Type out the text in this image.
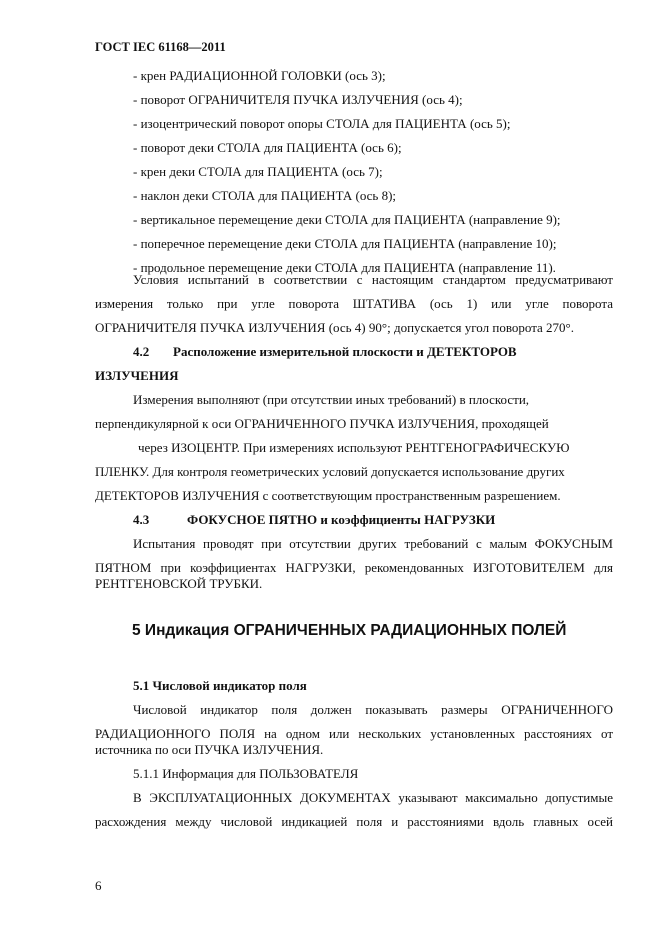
ГОСТ IEC 61168—2011
- крен РАДИАЦИОННОЙ ГОЛОВКИ (ось 3);
- поворот ОГРАНИЧИТЕЛЯ ПУЧКА ИЗЛУЧЕНИЯ (ось 4);
- изоцентрический поворот опоры СТОЛА для ПАЦИЕНТА (ось 5);
- поворот деки СТОЛА для ПАЦИЕНТА (ось 6);
- крен деки СТОЛА для ПАЦИЕНТА (ось 7);
- наклон деки СТОЛА для ПАЦИЕНТА (ось 8);
- вертикальное перемещение деки СТОЛА для ПАЦИЕНТА (направление 9);
- поперечное перемещение деки СТОЛА для ПАЦИЕНТА (направление 10);
- продольное перемещение деки СТОЛА для ПАЦИЕНТА (направление 11).
Условия испытаний в соответствии с настоящим стандартом предусматривают
измерения только при угле поворота ШТАТИВА (ось 1) или угле поворота
ОГРАНИЧИТЕЛЯ ПУЧКА ИЗЛУЧЕНИЯ (ось 4) 90°; допускается угол поворота 270°.
4.2 Расположение измерительной плоскости и ДЕТЕКТОРОВ
ИЗЛУЧЕНИЯ
Измерения выполняют (при отсутствии иных требований) в плоскости,
перпендикулярной к оси ОГРАНИЧЕННОГО ПУЧКА ИЗЛУЧЕНИЯ, проходящей
через ИЗОЦЕНТР. При измерениях используют РЕНТГЕНОГРАФИЧЕСКУЮ
ПЛЕНКУ. Для контроля геометрических условий допускается использование других
ДЕТЕКТОРОВ ИЗЛУЧЕНИЯ с соответствующим пространственным разрешением.
4.3	ФОКУСНОЕ ПЯТНО и коэффициенты НАГРУЗКИ
Испытания проводят при отсутствии других требований с малым ФОКУСНЫМ
ПЯТНОМ при коэффициентах НАГРУЗКИ, рекомендованных ИЗГОТОВИТЕЛЕМ для
РЕНТГЕНОВСКОЙ ТРУБКИ.
5 Индикация ОГРАНИЧЕННЫХ РАДИАЦИОННЫХ ПОЛЕЙ
5.1 Числовой индикатор поля
Числовой индикатор поля должен показывать размеры ОГРАНИЧЕННОГО
РАДИАЦИОННОГО ПОЛЯ на одном или нескольких установленных расстояниях от
источника по оси ПУЧКА ИЗЛУЧЕНИЯ.
5.1.1 Информация для ПОЛЬЗОВАТЕЛЯ
В ЭКСПЛУАТАЦИОННЫХ ДОКУМЕНТАХ указывают максимально допустимые
расхождения между числовой индикацией поля и расстояниями вдоль главных осей
6
